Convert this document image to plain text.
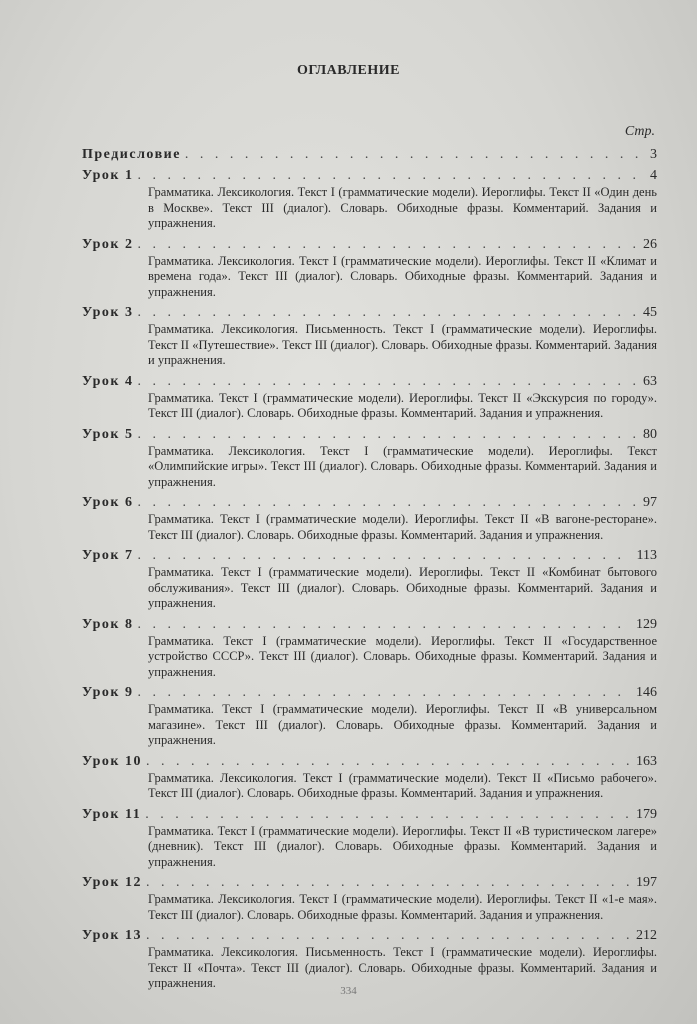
ОГЛАВЛЕНИЕ
Стр.
Предисловие . . .	3
Урок 1 . . .	4
Грамматика. Лексикология. Текст I (грамматические модели). Иероглифы. Текст II «Один день в Москве». Текст III (диалог). Словарь. Обиходные фразы. Комментарий. Задания и упражнения.
Урок 2 . . .	26
Грамматика. Лексикология. Текст I (грамматические модели). Иероглифы. Текст II «Климат и времена года». Текст III (диалог). Словарь. Обиходные фразы. Комментарий. Задания и упражнения.
Урок 3 . . .	45
Грамматика. Лексикология. Письменность. Текст I (грамматические модели). Иероглифы. Текст II «Путешествие». Текст III (диалог). Словарь. Обиходные фразы. Комментарий. Задания и упражнения.
Урок 4 . . .	63
Грамматика. Текст I (грамматические модели). Иероглифы. Текст II «Экскурсия по городу». Текст III (диалог). Словарь. Обиходные фразы. Комментарий. Задания и упражнения.
Урок 5 . . .	80
Грамматика. Лексикология. Текст I (грамматические модели). Иероглифы. Текст «Олимпийские игры». Текст III (диалог). Словарь. Обиходные фразы. Комментарий. Задания и упражнения.
Урок 6 . . .	97
Грамматика. Текст I (грамматические модели). Иероглифы. Текст II «В вагоне-ресторане». Текст III (диалог). Словарь. Обиходные фразы. Комментарий. Задания и упражнения.
Урок 7 . . .	113
Грамматика. Текст I (грамматические модели). Иероглифы. Текст II «Комбинат бытового обслуживания». Текст III (диалог). Словарь. Обиходные фразы. Комментарий. Задания и упражнения.
Урок 8 . . .	129
Грамматика. Текст I (грамматические модели). Иероглифы. Текст II «Государственное устройство СССР». Текст III (диалог). Словарь. Обиходные фразы. Комментарий. Задания и упражнения.
Урок 9 . . .	146
Грамматика. Текст I (грамматические модели). Иероглифы. Текст II «В универсальном магазине». Текст III (диалог). Словарь. Обиходные фразы. Комментарий. Задания и упражнения.
Урок 10 . . .	163
Грамматика. Лексикология. Текст I (грамматические модели). Текст II «Письмо рабочего». Текст III (диалог). Словарь. Обиходные фразы. Комментарий. Задания и упражнения.
Урок 11 . . .	179
Грамматика. Текст I (грамматические модели). Иероглифы. Текст II «В туристическом лагере» (дневник). Текст III (диалог). Словарь. Обиходные фразы. Комментарий. Задания и упражнения.
Урок 12 . . .	197
Грамматика. Лексикология. Текст I (грамматические модели). Иероглифы. Текст II «1-е мая». Текст III (диалог). Словарь. Обиходные фразы. Комментарий. Задания и упражнения.
Урок 13 . . .	212
Грамматика. Лексикология. Письменность. Текст I (грамматические модели). Иероглифы. Текст II «Почта». Текст III (диалог). Словарь. Обиходные фразы. Комментарий. Задания и упражнения.
334
